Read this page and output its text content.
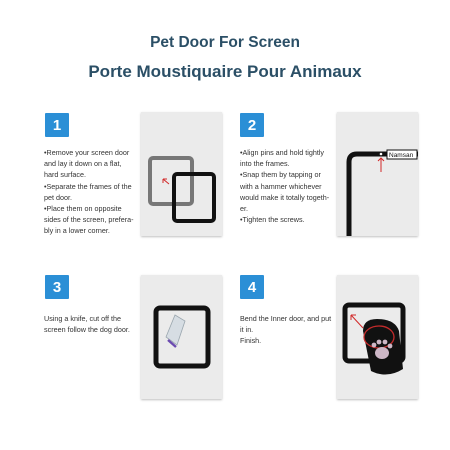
Pet Door For Screen
Porte Moustiquaire Pour Animaux
1
•Remove your screen door
and lay it down on a flat,
hard surface.
•Separate the frames of the
pet door.
•Place them on opposite
sides of the screen, prefera-
bly in a lower corner.
2
•Align pins and hold tightly
into the frames.
•Snap them by tapping or
with a hammer whichever
would make it totally togeth-
er.
•Tighten the screws.
Namsan
3
Using a knife, cut off the
screen follow the dog door.
4
Bend the Inner door, and put
it in.
Finish.
